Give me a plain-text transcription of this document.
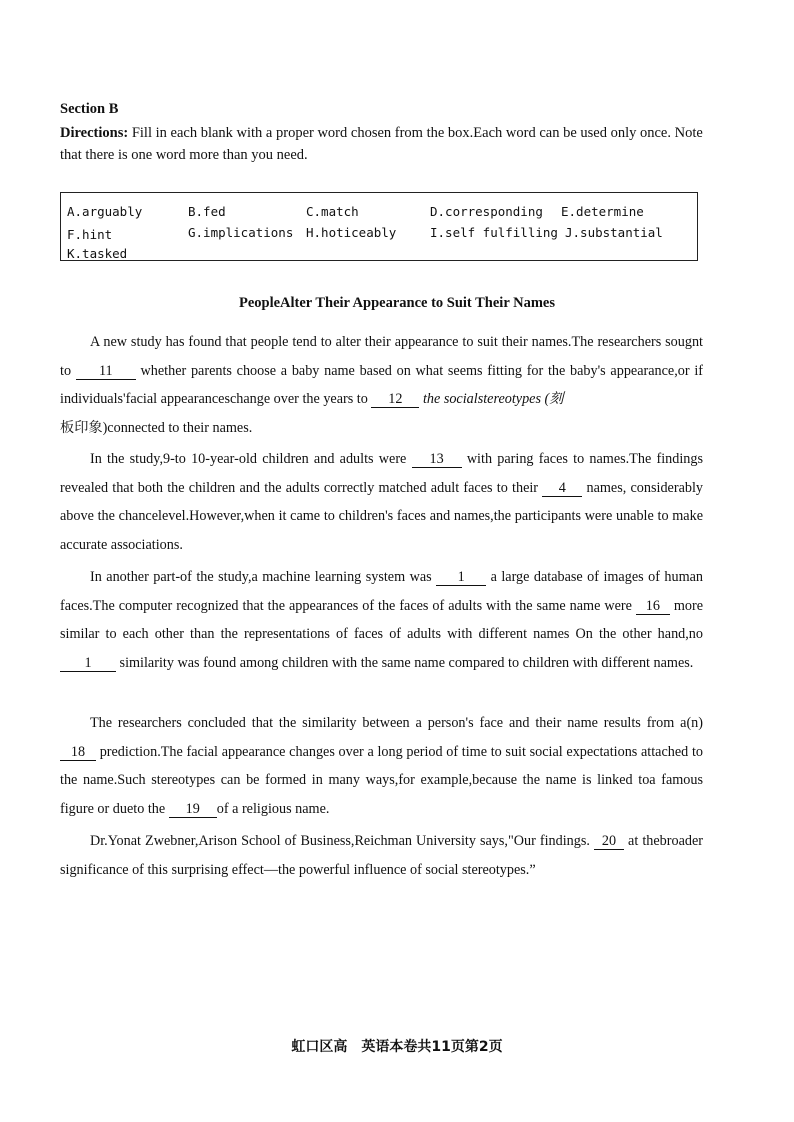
Section B
Directions: Fill in each blank with a proper word chosen from the box.Each word can be used only once. Note that there is one word more than you need.
A.arguably	B.fed	C.match	D.corresponding E.determine
F.hint	G.implications H.hoticeably	I.self fulfilling J.substantial
K.tasked
PeopleAlter Their Appearance to Suit Their Names
A new study has found that people tend to alter their appearance to suit their names.The researchers sougnt to 11 whether parents choose a baby name based on what seems fitting for the baby's appearance,or if individuals'facial appearanceschange over the years to 12 the socialstereotypes (刻
板印象)connected to their names.
In the study,9-to 10-year-old children and adults were 13 with paring faces to names.The findings revealed that both the children and the adults correctly matched adult faces to their 4 names, considerably above the chancelevel.However,when it came to children's faces and names,the participants were unable to make accurate associations.
In another part-of the study,a machine learning system was 1 a large database of images of human faces.The computer recognized that the appearances of the faces of adults with the same name were 16 more similar to each other than the representations of faces of adults with different names On the other hand,no 1 similarity was found among children with the same name compared to children with different names.
The researchers concluded that the similarity between a person's face and their name results from a(n) 18 prediction.The facial appearance changes over a long period of time to suit social expectations attached to the name.Such stereotypes can be formed in many ways,for example,because the name is linked toa famous figure or dueto the 19 of a religious name.
Dr.Yonat Zwebner,Arison School of Business,Reichman University says,"Our findings. 20 at thebroader significance of this surprising effect—the powerful influence of social stereotypes.”
虹口区高　英语本卷共11页第2页
